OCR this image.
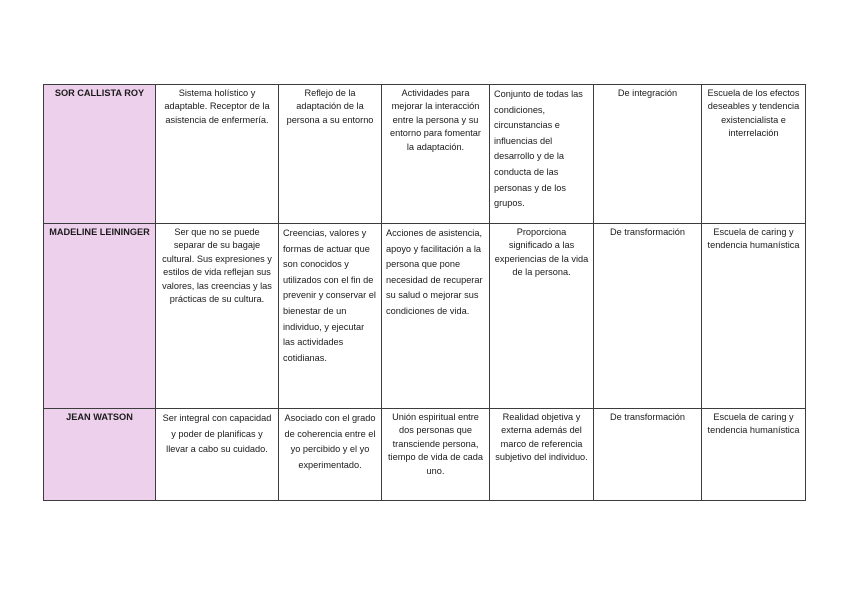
SOR CALLISTA ROY	Sistema holístico y adaptable. Receptor de la asistencia de enfermería.	Reflejo de la adaptación de la persona a su entorno	Actividades para mejorar la interacción entre la persona y su entorno para fomentar la adaptación.	Conjunto de todas las condiciones, circunstancias e influencias del desarrollo y de la conducta de las personas y de los grupos.	De integración	Escuela de los efectos deseables y tendencia existencialista e interrelación
MADELINE LEININGER	Ser que no se puede separar de su bagaje cultural. Sus expresiones y estilos de vida reflejan sus valores, las creencias y las prácticas de su cultura.	Creencias, valores y formas de actuar que son conocidos y utilizados con el fin de prevenir y conservar el bienestar de un individuo, y ejecutar las actividades cotidianas.	Acciones de asistencia, apoyo y facilitación a la persona que pone necesidad de recuperar su salud o mejorar sus condiciones de vida.	Proporciona significado a las experiencias de la vida de la persona.	De transformación	Escuela de caring y tendencia humanística
JEAN WATSON	Ser integral con capacidad y poder de planificas y llevar a cabo su cuidado.	Asociado con el grado de coherencia entre el yo percibido y el yo experimentado.	Unión espiritual entre dos personas que transciende persona, tiempo de vida de cada uno.	Realidad objetiva y externa además del marco de referencia subjetivo del individuo.	De transformación	Escuela de caring y tendencia humanística
